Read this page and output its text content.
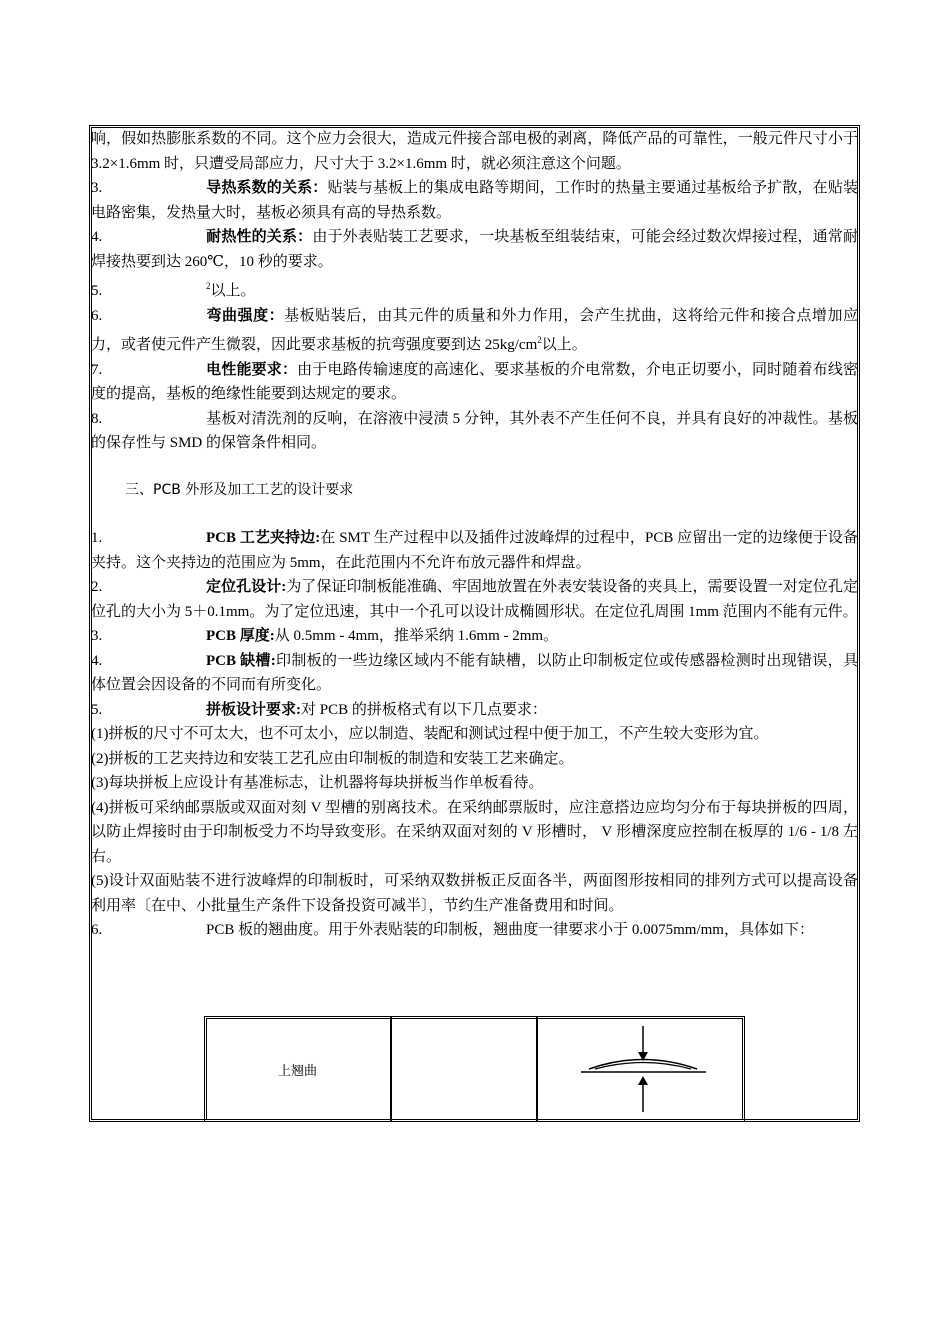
响，假如热膨胀系数的不同。这个应力会很大，造成元件接合部电极的剥离，降低产品的可靠性，一般元件尺寸小于 3.2×1.6mm 时，只遭受局部应力，尺寸大于 3.2×1.6mm 时，就必须注意这个问题。

3.	导热系数的关系：贴装与基板上的集成电路等期间，工作时的热量主要通过基板给予扩散，在贴装电路密集，发热量大时，基板必须具有高的导热系数。

4.	耐热性的关系：由于外表贴装工艺要求，一块基板至组装结束，可能会经过数次焊接过程，通常耐焊接热要到达 260℃，10 秒的要求。

5.	$^2$以上。

6.	弯曲强度：基板贴装后，由其元件的质量和外力作用，会产生扰曲，这将给元件和接合点增加应力，或者使元件产生微裂，因此要求基板的抗弯强度要到达 $25kg/cm^2$以上。

7.	电性能要求：由于电路传输速度的高速化、要求基板的介电常数，介电正切要小，同时随着布线密度的提高，基板的绝缘性能要到达规定的要求。

8.	基板对清洗剂的反响，在溶液中浸渍 5 分钟，其外表不产生任何不良，并具有良好的冲裁性。基板的保存性与 SMD 的保管条件相同。

三、PCB 外形及加工工艺的设计要求

1.	PCB 工艺夹持边:在 SMT 生产过程中以及插件过波峰焊的过程中，PCB 应留出一定的边缘便于设备夹持。这个夹持边的范围应为 5mm，在此范围内不允许布放元器件和焊盘。

2.	定位孔设计:为了保证印制板能准确、牢固地放置在外表安装设备的夹具上，需要设置一对定位孔定位孔的大小为 5＋0.1mm。为了定位迅速，其中一个孔可以设计成椭圆形状。在定位孔周围 1mm 范围内不能有元件。

3.	PCB 厚度:从 0.5mm - 4mm，推举采纳 1.6mm - 2mm。

4.	PCB 缺槽:印制板的一些边缘区域内不能有缺槽，以防止印制板定位或传感器检测时出现错误，具体位置会因设备的不同而有所变化。

5.	拼板设计要求:对 PCB 的拼板格式有以下几点要求：

(1)拼板的尺寸不可太大，也不可太小，应以制造、装配和测试过程中便于加工，不产生较大变形为宜。

(2)拼板的工艺夹持边和安装工艺孔应由印制板的制造和安装工艺来确定。

(3)每块拼板上应设计有基准标志，让机器将每块拼板当作单板看待。

(4)拼板可采纳邮票版或双面对刻 V 型槽的别离技术。在采纳邮票版时，应注意搭边应均匀分布于每块拼板的四周，以防止焊接时由于印制板受力不均导致变形。在采纳双面对刻的 V 形槽时， V 形槽深度应控制在板厚的 1/6 - 1/8 左右。

(5)设计双面贴装不进行波峰焊的印制板时，可采纳双数拼板正反面各半，两面图形按相同的排列方式可以提高设备利用率〔在中、小批量生产条件下设备投资可减半〕，节约生产准备费用和时间。

6.	PCB 板的翘曲度。用于外表贴装的印制板，翘曲度一律要求小于 0.0075mm/mm，具体如下：

上翘曲
